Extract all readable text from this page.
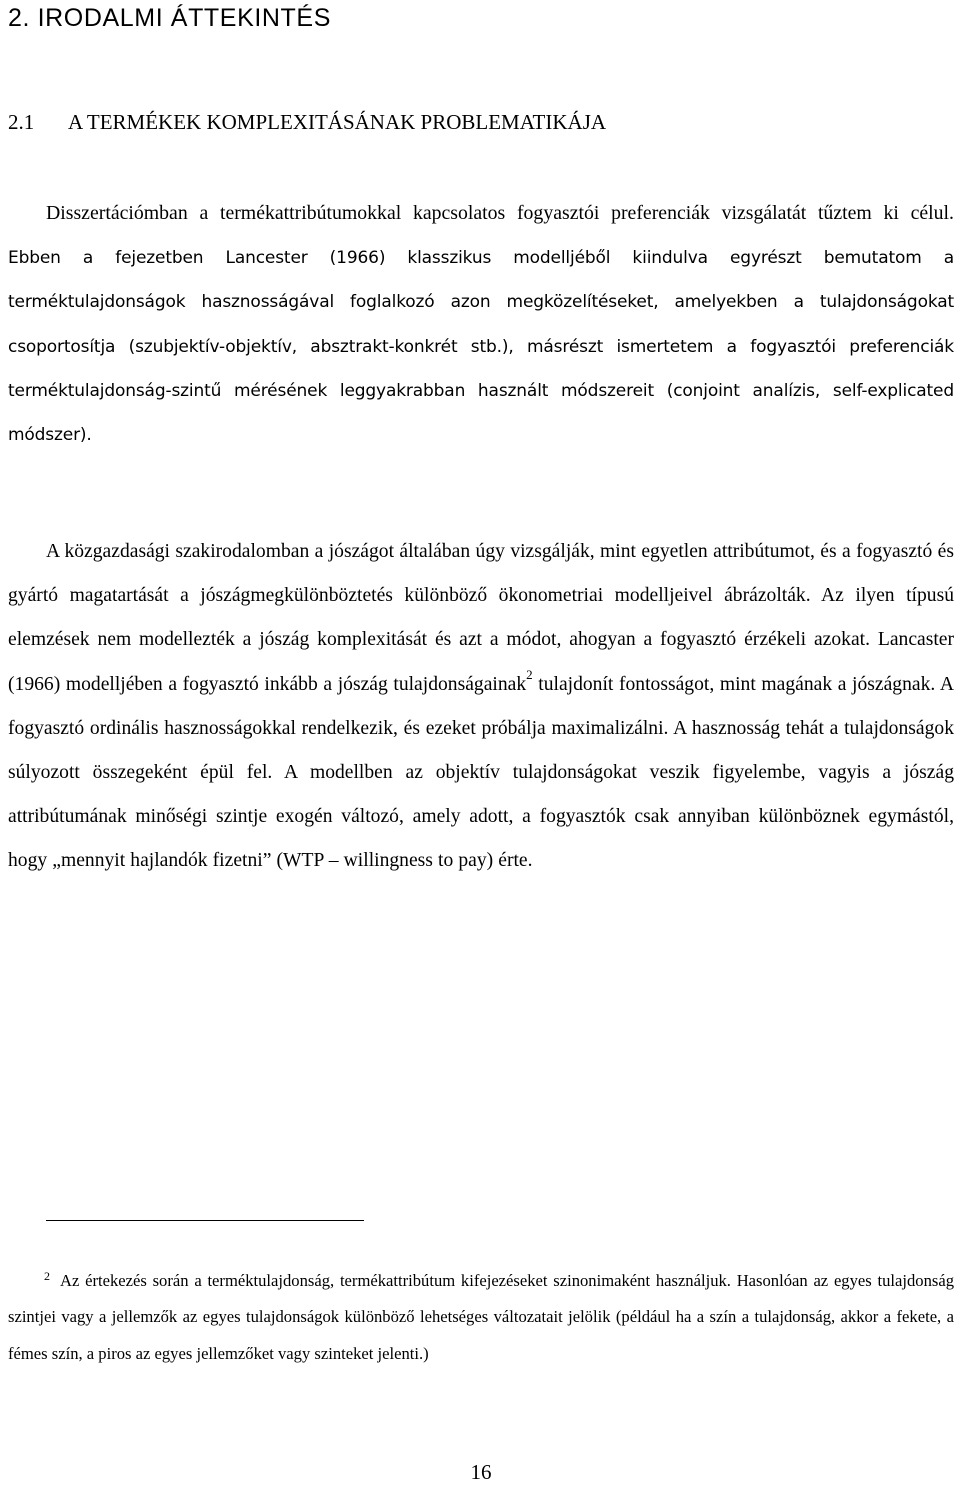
2. IRODALMI ÁTTEKINTÉS
2.1 A TERMÉKEK KOMPLEXITÁSÁNAK PROBLEMATIKÁJA

Disszertációmban a termékattribútumokkal kapcsolatos fogyasztói preferenciák vizsgálatát tűztem ki célul. Ebben a fejezetben Lancester (1966) klasszikus modelljéből kiindulva egyrészt bemutatom a terméktulajdonságok hasznosságával foglalkozó azon megközelítéseket, amelyekben a tulajdonságokat csoportosítja (szubjektív-objektív, absztrakt-konkrét stb.), másrészt ismertetem a fogyasztói preferenciák terméktulajdonság-szintű mérésének leggyakrabban használt módszereit (conjoint analízis, self-explicated módszer).

A közgazdasági szakirodalomban a jószágot általában úgy vizsgálják, mint egyetlen attribútumot, és a fogyasztó és gyártó magatartását a jószágmegkülönböztetés különböző ökonometriai modelljeivel ábrázolták. Az ilyen típusú elemzések nem modellezték a jószág komplexitását és azt a módot, ahogyan a fogyasztó érzékeli azokat. Lancaster (1966) modelljében a fogyasztó inkább a jószág tulajdonságainak$^2$ tulajdonít fontosságot, mint magának a jószágnak. A fogyasztó ordinális hasznosságokkal rendelkezik, és ezeket próbálja maximalizálni. A hasznosság tehát a tulajdonságok súlyozott összegeként épül fel. A modellben az objektív tulajdonságokat veszik figyelembe, vagyis a jószág attribútumának minőségi szintje exogén változó, amely adott, a fogyasztók csak annyiban különböznek egymástól, hogy „mennyit hajlandók fizetni” (WTP – willingness to pay) érte.

$^2$ Az értekezés során a terméktulajdonság, termékattribútum kifejezéseket szinonimaként használjuk. Hasonlóan az egyes tulajdonság szintjei vagy a jellemzők az egyes tulajdonságok különböző lehetséges változatait jelölik (például ha a szín a tulajdonság, akkor a fekete, a fémes szín, a piros az egyes jellemzőket vagy szinteket jelenti.)

16
